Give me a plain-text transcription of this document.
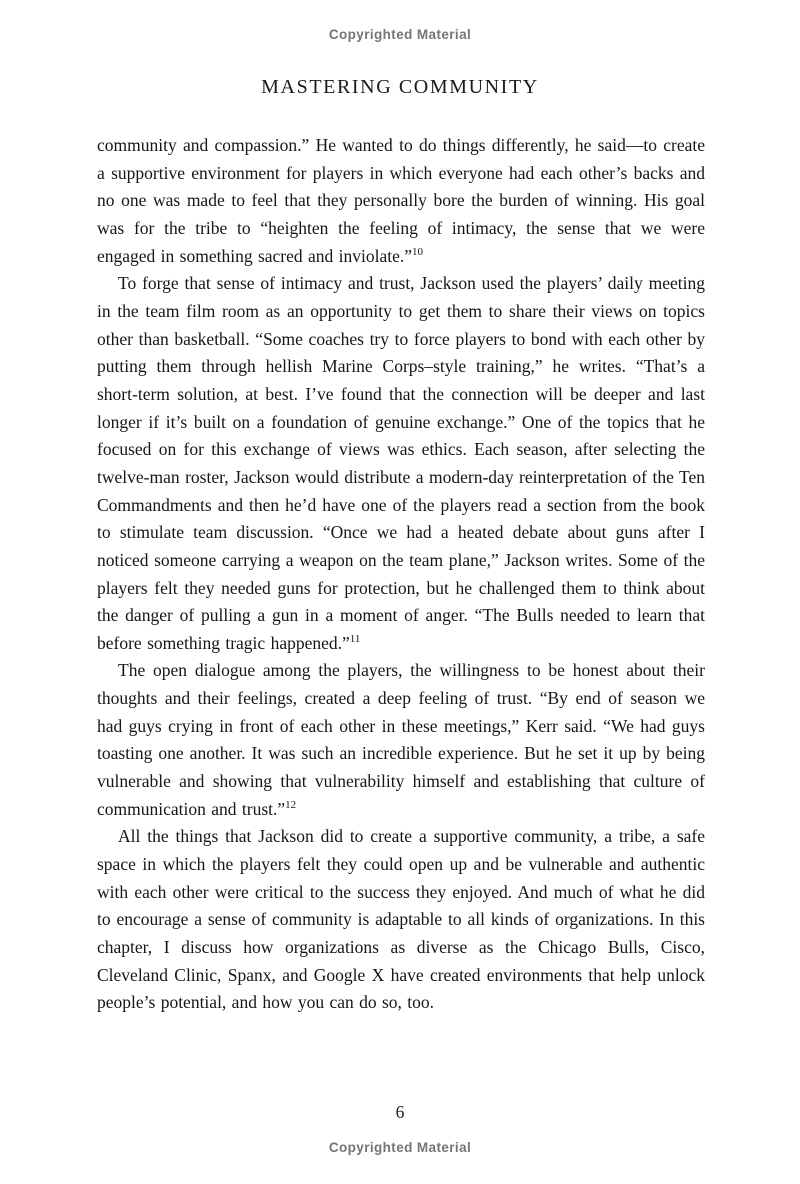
Copyrighted Material
MASTERING COMMUNITY

community and compassion.” He wanted to do things differently, he said—to create a supportive environment for players in which everyone had each other’s backs and no one was made to feel that they personally bore the burden of winning. His goal was for the tribe to “heighten the feeling of intimacy, the sense that we were engaged in something sacred and inviolate.”$^{10}$

To forge that sense of intimacy and trust, Jackson used the players’ daily meeting in the team film room as an opportunity to get them to share their views on topics other than basketball. “Some coaches try to force players to bond with each other by putting them through hellish Marine Corps–style training,” he writes. “That’s a short-term solution, at best. I’ve found that the connection will be deeper and last longer if it’s built on a foundation of genuine exchange.” One of the topics that he focused on for this exchange of views was ethics. Each season, after selecting the twelve-man roster, Jackson would distribute a modern-day reinterpretation of the Ten Commandments and then he’d have one of the players read a section from the book to stimulate team discussion. “Once we had a heated debate about guns after I noticed someone carrying a weapon on the team plane,” Jackson writes. Some of the players felt they needed guns for protection, but he challenged them to think about the danger of pulling a gun in a moment of anger. “The Bulls needed to learn that before something tragic happened.”$^{11}$

The open dialogue among the players, the willingness to be honest about their thoughts and their feelings, created a deep feeling of trust. “By end of season we had guys crying in front of each other in these meetings,” Kerr said. “We had guys toasting one another. It was such an incredible experience. But he set it up by being vulnerable and showing that vulnerability himself and establishing that culture of communication and trust.”$^{12}$

All the things that Jackson did to create a supportive community, a tribe, a safe space in which the players felt they could open up and be vulnerable and authentic with each other were critical to the success they enjoyed. And much of what he did to encourage a sense of community is adaptable to all kinds of organizations. In this chapter, I discuss how organizations as diverse as the Chicago Bulls, Cisco, Cleveland Clinic, Spanx, and Google X have created environments that help unlock people’s potential, and how you can do so, too.

6
Copyrighted Material
